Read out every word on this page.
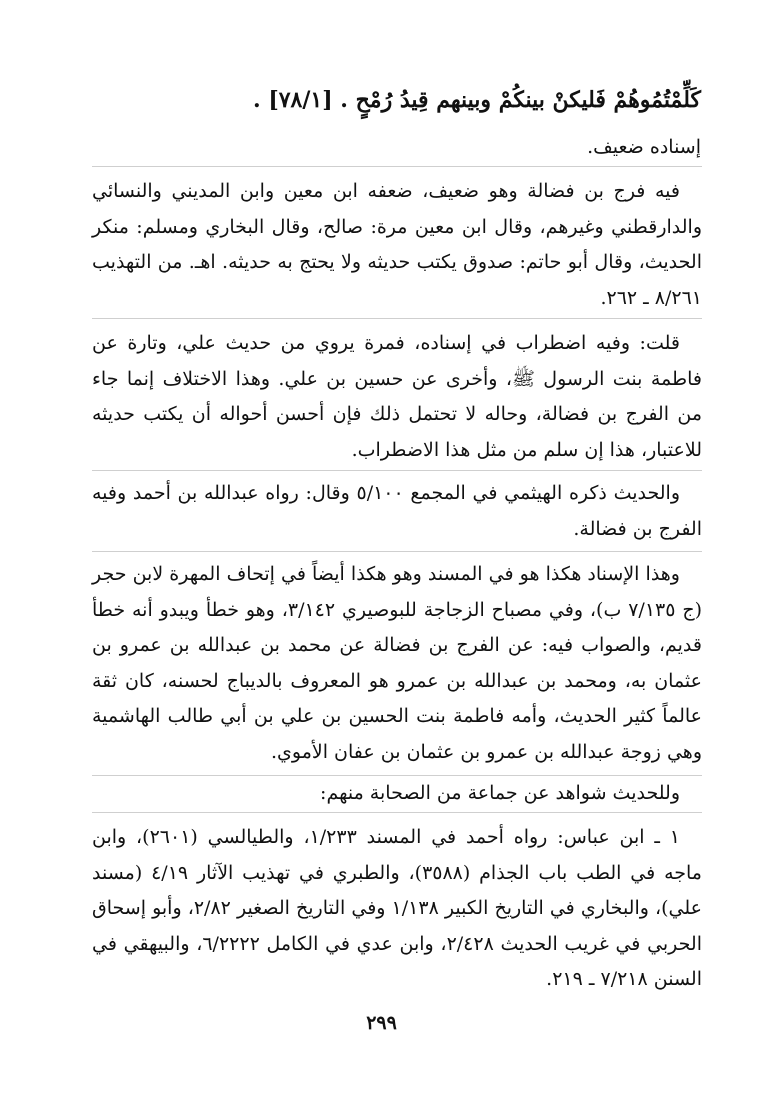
كَلِّمْتُمُوهُمْ فَليكنْ بينكُمْ وبينهم قِيدُ رُمْحٍ . [٧٨/١] .
إسناده ضعيف.

فيه فرج بن فضالة وهو ضعيف، ضعفه ابن معين وابن المديني والنسائي والدارقطني وغيرهم، وقال ابن معين مرة: صالح، وقال البخاري ومسلم: منكر الحديث، وقال أبو حاتم: صدوق يكتب حديثه ولا يحتج به حديثه. اهـ. من التهذيب ٨/٢٦١ ـ ٢٦٢.

قلت: وفيه اضطراب في إسناده، فمرة يروي من حديث علي، وتارة عن فاطمة بنت الرسول ﷺ، وأخرى عن حسين بن علي. وهذا الاختلاف إنما جاء من الفرج بن فضالة، وحاله لا تحتمل ذلك فإن أحسن أحواله أن يكتب حديثه للاعتبار، هذا إن سلم من مثل هذا الاضطراب.

والحديث ذكره الهيثمي في المجمع ٥/١٠٠ وقال: رواه عبدالله بن أحمد وفيه الفرج بن فضالة.

وهذا الإسناد هكذا هو في المسند وهو هكذا أيضاً في إتحاف المهرة لابن حجر (ج ٧/١٣٥ ب)، وفي مصباح الزجاجة للبوصيري ٣/١٤٢، وهو خطأ ويبدو أنه خطأ قديم، والصواب فيه: عن الفرج بن فضالة عن محمد بن عبدالله بن عمرو بن عثمان به، ومحمد بن عبدالله بن عمرو هو المعروف بالديباج لحسنه، كان ثقة عالماً كثير الحديث، وأمه فاطمة بنت الحسين بن علي بن أبي طالب الهاشمية وهي زوجة عبدالله بن عمرو بن عثمان بن عفان الأموي.

وللحديث شواهد عن جماعة من الصحابة منهم:

١ ـ ابن عباس: رواه أحمد في المسند ١/٢٣٣، والطيالسي (٢٦٠١)، وابن ماجه في الطب باب الجذام (٣٥٨٨)، والطبري في تهذيب الآثار ٤/١٩ (مسند علي)، والبخاري في التاريخ الكبير ١/١٣٨ وفي التاريخ الصغير ٢/٨٢، وأبو إسحاق الحربي في غريب الحديث ٢/٤٢٨، وابن عدي في الكامل ٦/٢٢٢٢، والبيهقي في السنن ٧/٢١٨ ـ ٢١٩.

٢٩٩
